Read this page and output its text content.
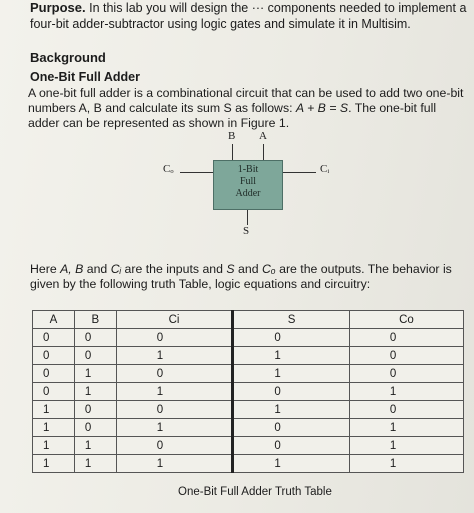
Purpose. In this lab you will design the ··· components needed to implement a
four-bit adder-subtractor using logic gates and simulate it in Multisim.
Background
One-Bit Full Adder
A one-bit full adder is a combinational circuit that can be used to add two one-bit numbers A, B and calculate its sum S as follows: A + B = S. The one-bit full adder can be represented as shown in Figure 1.
B A
Cₒ	Cᵢ
1-Bit
Full
Adder
S
Here A, B and Cᵢ are the inputs and S and Cₒ are the outputs. The behavior is given by the following truth Table, logic equations and circuitry:
A	B	Ci	S	Co
0	0	0	0	0
0	0	1	1	0
0	1	0	1	0
0	1	1	0	1
1	0	0	1	0
1	0	1	0	1
1	1	0	0	1
1	1	1	1	1
One-Bit Full Adder Truth Table
